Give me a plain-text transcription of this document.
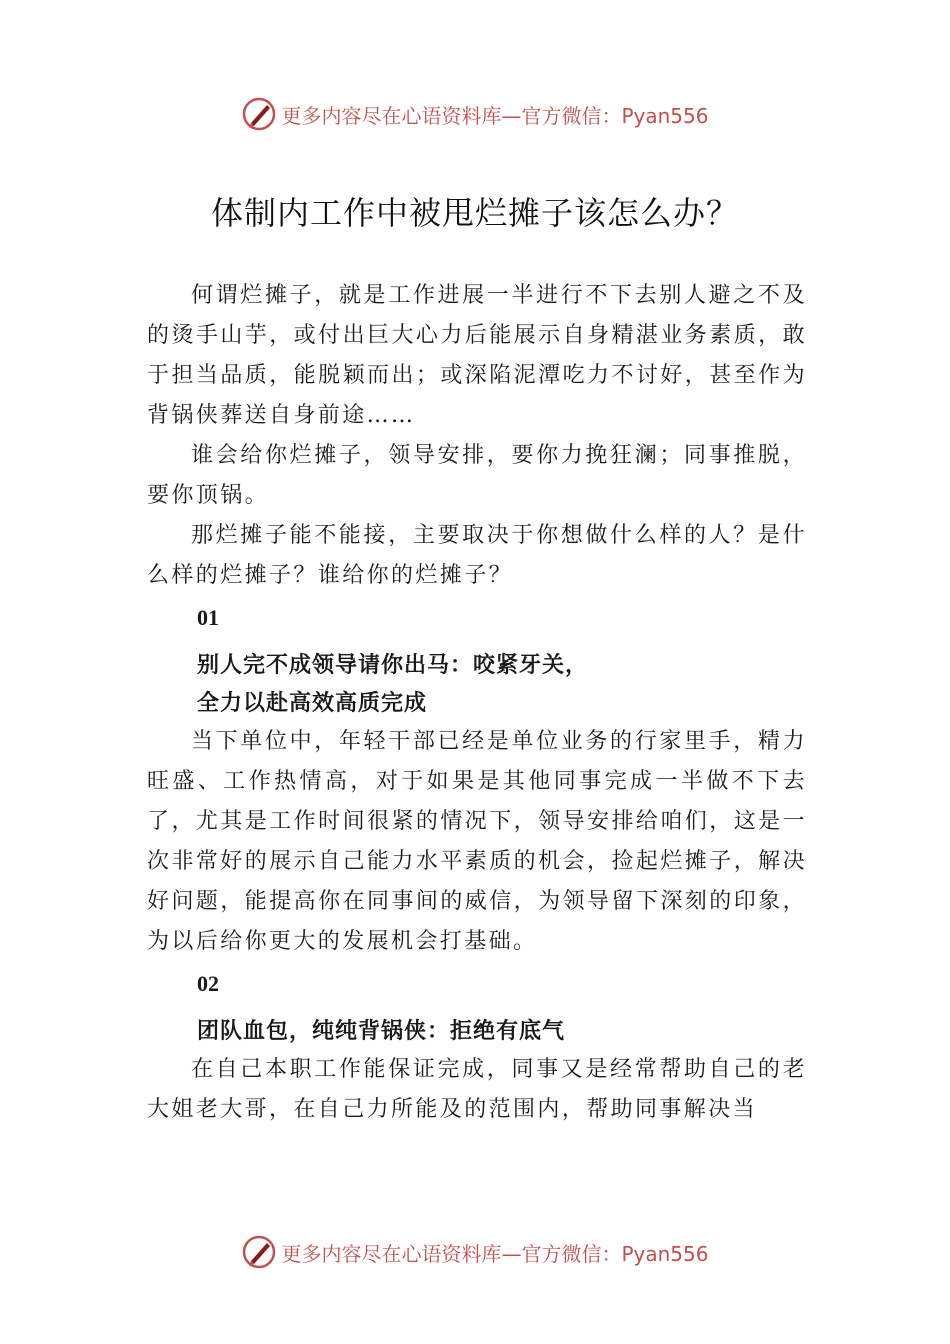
更多内容尽在心语资料库—官方微信：Pyan556
体制内工作中被甩烂摊子该怎么办？

何谓烂摊子，就是工作进展一半进行不下去别人避之不及的烫手山芋，或付出巨大心力后能展示自身精湛业务素质，敢于担当品质，能脱颖而出；或深陷泥潭吃力不讨好，甚至作为背锅侠葬送自身前途……

谁会给你烂摊子，领导安排，要你力挽狂澜；同事推脱，要你顶锅。

那烂摊子能不能接，主要取决于你想做什么样的人？是什么样的烂摊子？谁给你的烂摊子？

01
别人完不成领导请你出马：咬紧牙关，
全力以赴高效高质完成

当下单位中，年轻干部已经是单位业务的行家里手，精力旺盛、工作热情高，对于如果是其他同事完成一半做不下去了，尤其是工作时间很紧的情况下，领导安排给咱们，这是一次非常好的展示自己能力水平素质的机会，捡起烂摊子，解决好问题，能提高你在同事间的威信，为领导留下深刻的印象，为以后给你更大的发展机会打基础。

02
团队血包，纯纯背锅侠：拒绝有底气

在自己本职工作能保证完成，同事又是经常帮助自己的老大姐老大哥，在自己力所能及的范围内，帮助同事解决当

更多内容尽在心语资料库—官方微信：Pyan556
